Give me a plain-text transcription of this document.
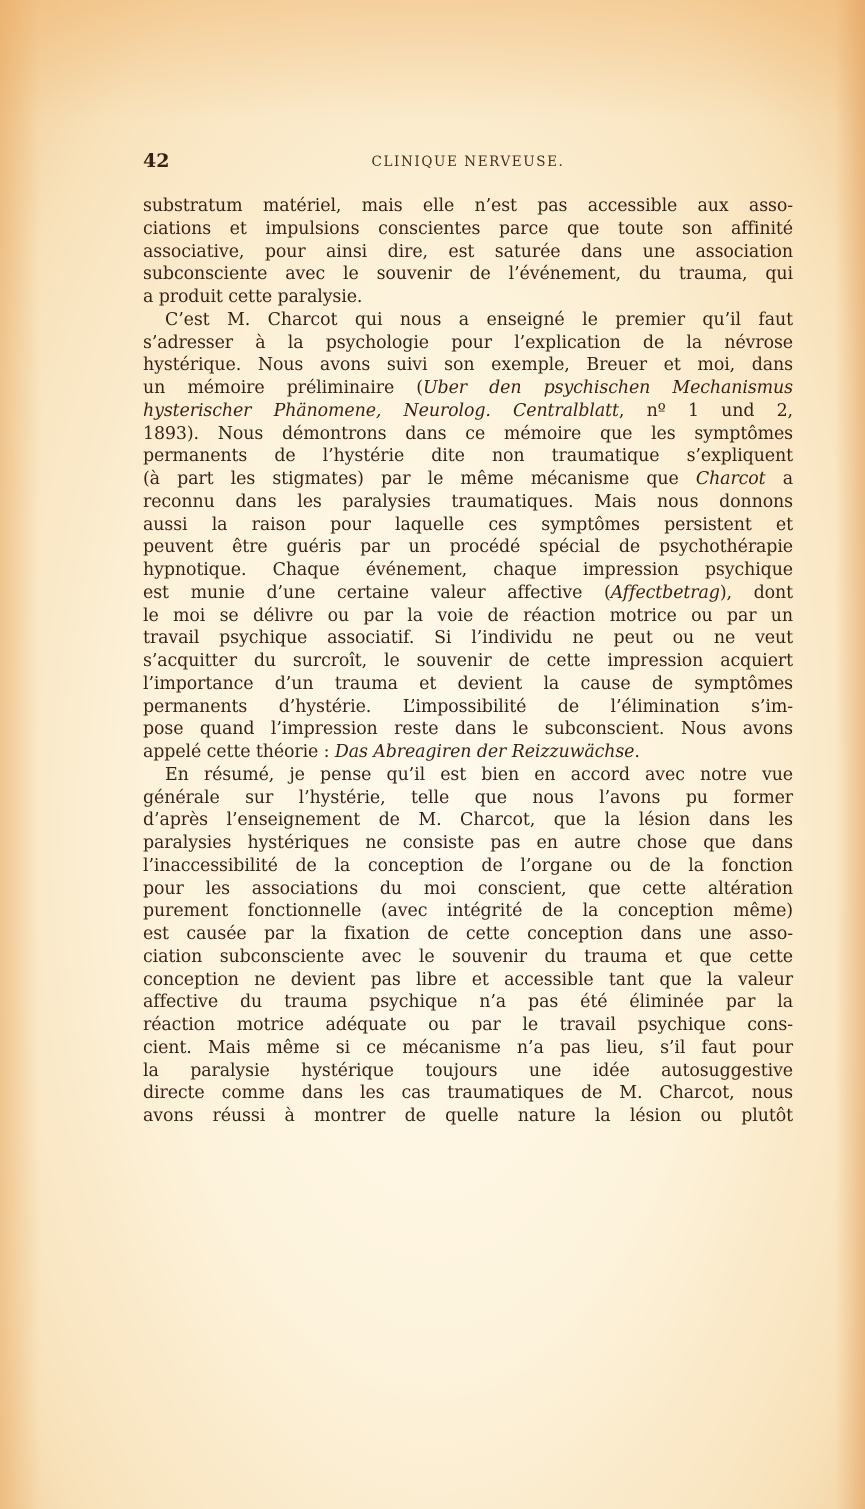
42	CLINIQUE NERVEUSE.
substratum matériel, mais elle n’est pas accessible aux asso-
ciations et impulsions conscientes parce que toute son affinité
associative, pour ainsi dire, est saturée dans une association
subconsciente avec le souvenir de l’événement, du trauma, qui
a produit cette paralysie.
C’est M. Charcot qui nous a enseigné le premier qu’il faut
s’adresser à la psychologie pour l’explication de la névrose
hystérique. Nous avons suivi son exemple, Breuer et moi, dans
un mémoire préliminaire (Uber den psychischen Mechanismus
hysterischer Phänomene, Neurolog. Centralblatt, nº 1 und 2,
1893). Nous démontrons dans ce mémoire que les symptômes
permanents de l’hystérie dite non traumatique s’expliquent
(à part les stigmates) par le même mécanisme que Charcot a
reconnu dans les paralysies traumatiques. Mais nous donnons
aussi la raison pour laquelle ces symptômes persistent et
peuvent être guéris par un procédé spécial de psychothérapie
hypnotique. Chaque événement, chaque impression psychique
est munie d’une certaine valeur affective (Affectbetrag), dont
le moi se délivre ou par la voie de réaction motrice ou par un
travail psychique associatif. Si l’individu ne peut ou ne veut
s’acquitter du surcroît, le souvenir de cette impression acquiert
l’importance d’un trauma et devient la cause de symptômes
permanents d’hystérie. L’impossibilité de l’élimination s’im-
pose quand l’impression reste dans le subconscient. Nous avons
appelé cette théorie : Das Abreagiren der Reizzuwächse.
En résumé, je pense qu’il est bien en accord avec notre vue
générale sur l’hystérie, telle que nous l’avons pu former
d’après l’enseignement de M. Charcot, que la lésion dans les
paralysies hystériques ne consiste pas en autre chose que dans
l’inaccessibilité de la conception de l’organe ou de la fonction
pour les associations du moi conscient, que cette altération
purement fonctionnelle (avec intégrité de la conception même)
est causée par la fixation de cette conception dans une asso-
ciation subconsciente avec le souvenir du trauma et que cette
conception ne devient pas libre et accessible tant que la valeur
affective du trauma psychique n’a pas été éliminée par la
réaction motrice adéquate ou par le travail psychique cons-
cient. Mais même si ce mécanisme n’a pas lieu, s’il faut pour
la paralysie hystérique toujours une idée autosuggestive
directe comme dans les cas traumatiques de M. Charcot, nous
avons réussi à montrer de quelle nature la lésion ou plutôt
